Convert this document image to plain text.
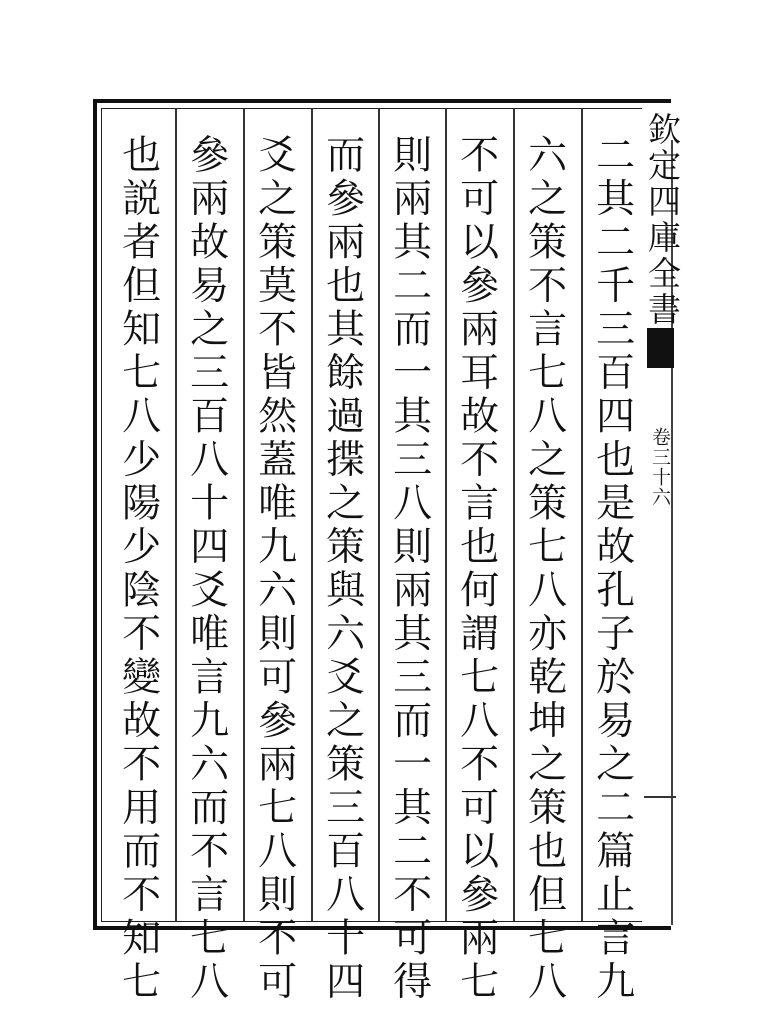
二其二千三百四也是故孔子於易之二篇止言九
六之策不言七八之策七八亦乾坤之策也但七八
不可以參兩耳故不言也何謂七八不可以參兩七
則兩其二而一其三八則兩其三而一其二不可得
而參兩也其餘過揲之策與六爻之策三百八十四
爻之策莫不皆然蓋唯九六則可參兩七八則不可
參兩故易之三百八十四爻唯言九六而不言七八
也説者但知七八少陽少陰不變故不用而不知七	欽定四庫全書
卷三十六
